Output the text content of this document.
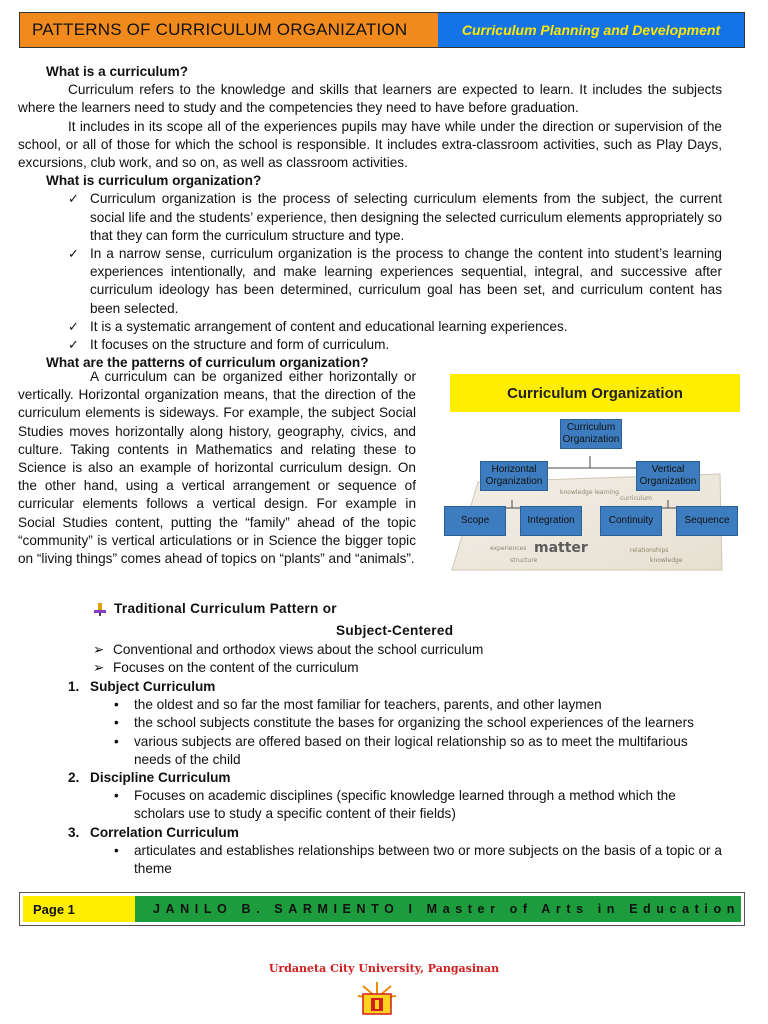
PATTERNS OF CURRICULUM ORGANIZATION	Curriculum Planning and Development
What is a curriculum?
Curriculum refers to the knowledge and skills that learners are expected to learn. It includes the subjects where the learners need to study and the competencies they need to have before graduation.
It includes in its scope all of the experiences pupils may have while under the direction or supervision of the school, or all of those for which the school is responsible. It includes extra-classroom activities, such as Play Days, excursions, club work, and so on, as well as classroom activities.
What is curriculum organization?
✓ Curriculum organization is the process of selecting curriculum elements from the subject, the current social life and the students’ experience, then designing the selected curriculum elements appropriately so that they can form the curriculum structure and type.
✓ In a narrow sense, curriculum organization is the process to change the content into student’s learning experiences intentionally, and make learning experiences sequential, integral, and successive after curriculum ideology has been determined, curriculum goal has been set, and curriculum content has been selected.
✓ It is a systematic arrangement of content and educational learning experiences.
✓ It focuses on the structure and form of curriculum.
What are the patterns of curriculum organization?
A curriculum can be organized either horizontally or vertically. Horizontal organization means, that the direction of the curriculum elements is sideways. For example, the subject Social Studies moves horizontally along history, geography, civics, and culture. Taking contents in Mathematics and relating these to Science is also an example of horizontal curriculum design. On the other hand, using a vertical arrangement or sequence of curricular elements follows a vertical design. For example in Social Studies content, putting the “family” ahead of the topic “community” is vertical articulations or in Science the bigger topic on “living things” comes ahead of topics on “plants” and “animals”.
Curriculum Organization
knowledge learning
curriculum
experiences	relationships
knowledge
structure
matter
Curriculum Organization
Horizontal Organization
Vertical Organization
Scope	Integration	Continuity	Sequence
Traditional Curriculum Pattern or
Subject-Centered
➢ Conventional and orthodox views about the school curriculum
➢ Focuses on the content of the curriculum
1. Subject Curriculum
•	the oldest and so far the most familiar for teachers, parents, and other laymen
•	the school subjects constitute the bases for organizing the school experiences of the learners
•	various subjects are offered based on their logical relationship so as to meet the multifarious needs of the child
2. Discipline Curriculum
•	Focuses on academic disciplines (specific knowledge learned through a method which the scholars use to study a specific content of their fields)
3. Correlation Curriculum
•	articulates and establishes relationships between two or more subjects on the basis of a topic or a theme
Page 1	JANILO B. SARMIENTO I Master of Arts in Education
Urdaneta City University, Pangasinan
